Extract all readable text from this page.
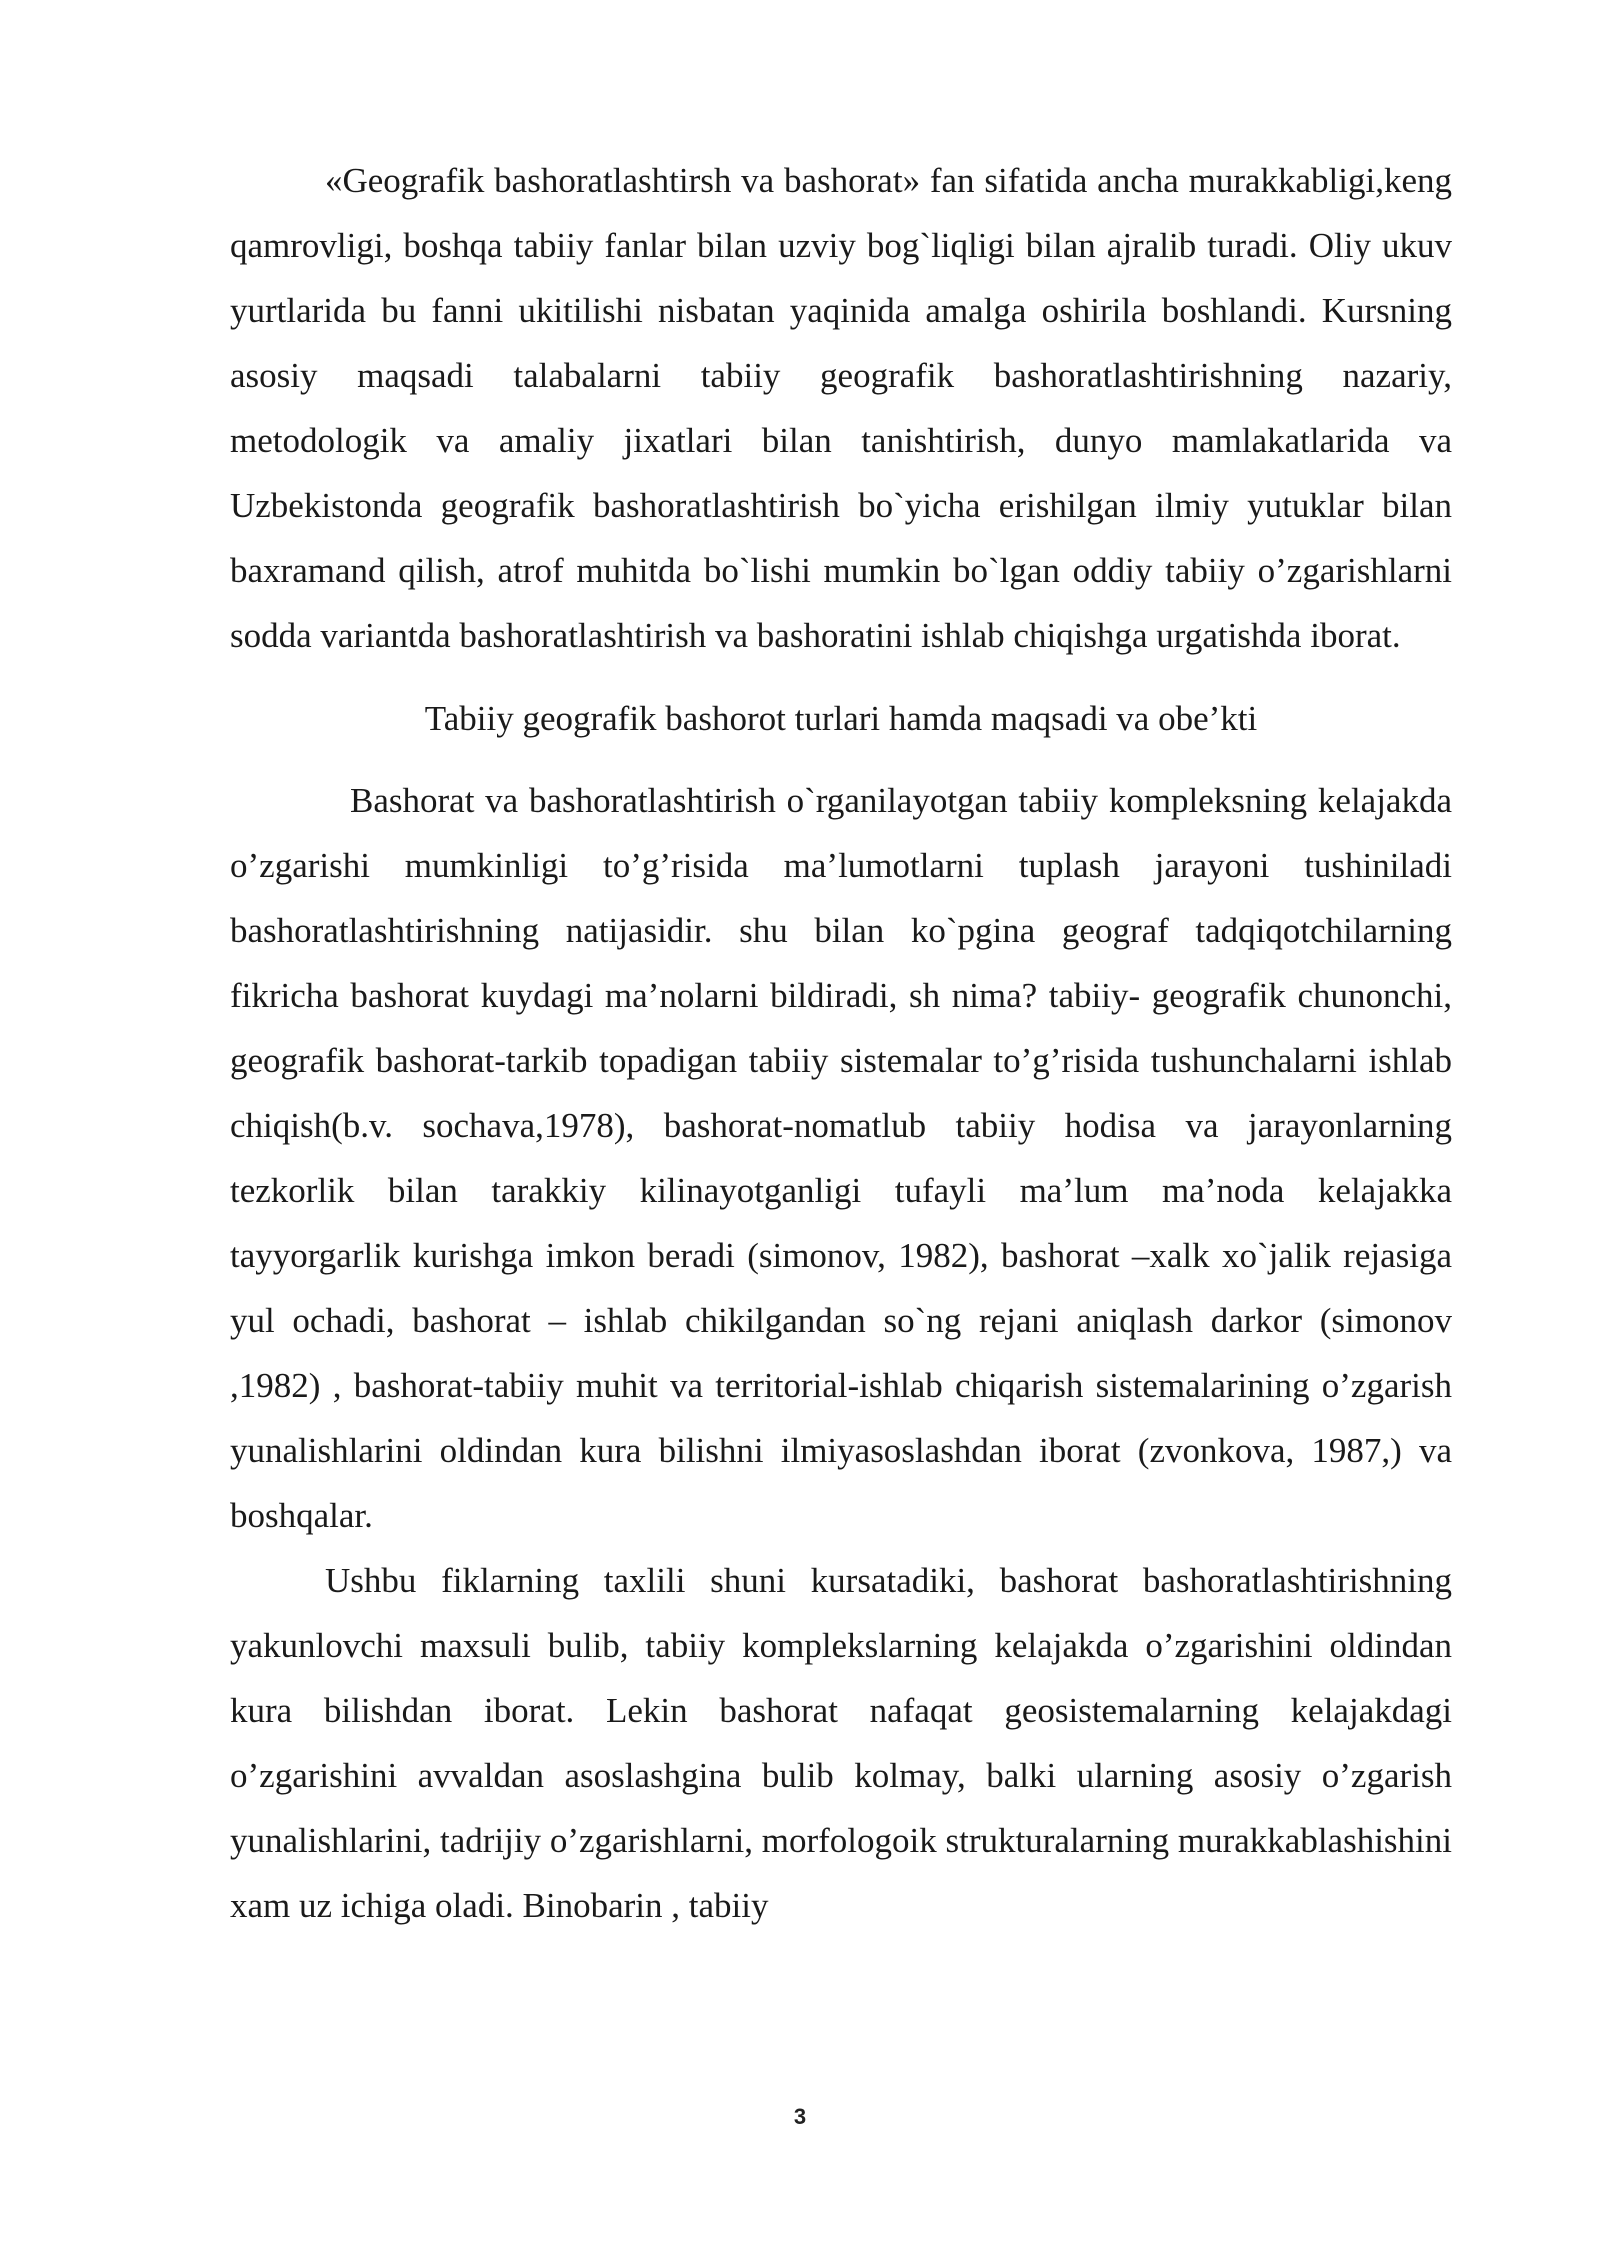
«Geografik bashoratlashtirsh va bashorat» fan sifatida ancha murakkabligi,keng qamrovligi, boshqa tabiiy fanlar bilan uzviy bog`liqligi bilan ajralib turadi. Oliy ukuv yurtlarida bu fanni ukitilishi nisbatan yaqinida amalga oshirila boshlandi. Kursning asosiy maqsadi talabalarni tabiiy geografik bashoratlashtirishning nazariy, metodologik va amaliy jixatlari bilan tanishtirish, dunyo mamlakatlarida va Uzbekistonda geografik bashoratlashtirish bo`yicha erishilgan ilmiy yutuklar bilan baxramand qilish, atrof muhitda bo`lishi mumkin bo`lgan oddiy tabiiy o’zgarishlarni sodda variantda bashoratlashtirish va bashoratini ishlab chiqishga urgatishda iborat.

Tabiiy geografik bashorot turlari hamda maqsadi va obe’kti

Bashorat va bashoratlashtirish o`rganilayotgan tabiiy kompleksning kelajakda o’zgarishi mumkinligi to’g’risida ma’lumotlarni tuplash jarayoni tushiniladi bashoratlashtirishning natijasidir. shu bilan ko`pgina geograf tadqiqotchilarning fikricha bashorat kuydagi ma’nolarni bildiradi, sh nima? tabiiy- geografik chunonchi, geografik bashorat-tarkib topadigan tabiiy sistemalar to’g’risida tushunchalarni ishlab chiqish(b.v. sochava,1978), bashorat-nomatlub tabiiy hodisa va jarayonlarning tezkorlik bilan tarakkiy kilinayotganligi tufayli ma’lum ma’noda kelajakka tayyorgarlik kurishga imkon beradi (simonov, 1982), bashorat –xalk xo`jalik rejasiga yul ochadi, bashorat – ishlab chikilgandan so`ng rejani aniqlash darkor (simonov ,1982) , bashorat-tabiiy muhit va territorial-ishlab chiqarish sistemalarining o’zgarish yunalishlarini oldindan kura bilishni ilmiyasoslashdan iborat (zvonkova, 1987,) va boshqalar.

Ushbu fiklarning taxlili shuni kursatadiki, bashorat bashoratlashtirishning yakunlovchi maxsuli bulib, tabiiy komplekslarning kelajakda o’zgarishini oldindan kura bilishdan iborat. Lekin bashorat nafaqat geosistemalarning kelajakdagi o’zgarishini avvaldan asoslashgina bulib kolmay, balki ularning asosiy o’zgarish yunalishlarini, tadrijiy o’zgarishlarni, morfologoik strukturalarning murakkablashishini xam uz ichiga oladi. Binobarin , tabiiy

3
